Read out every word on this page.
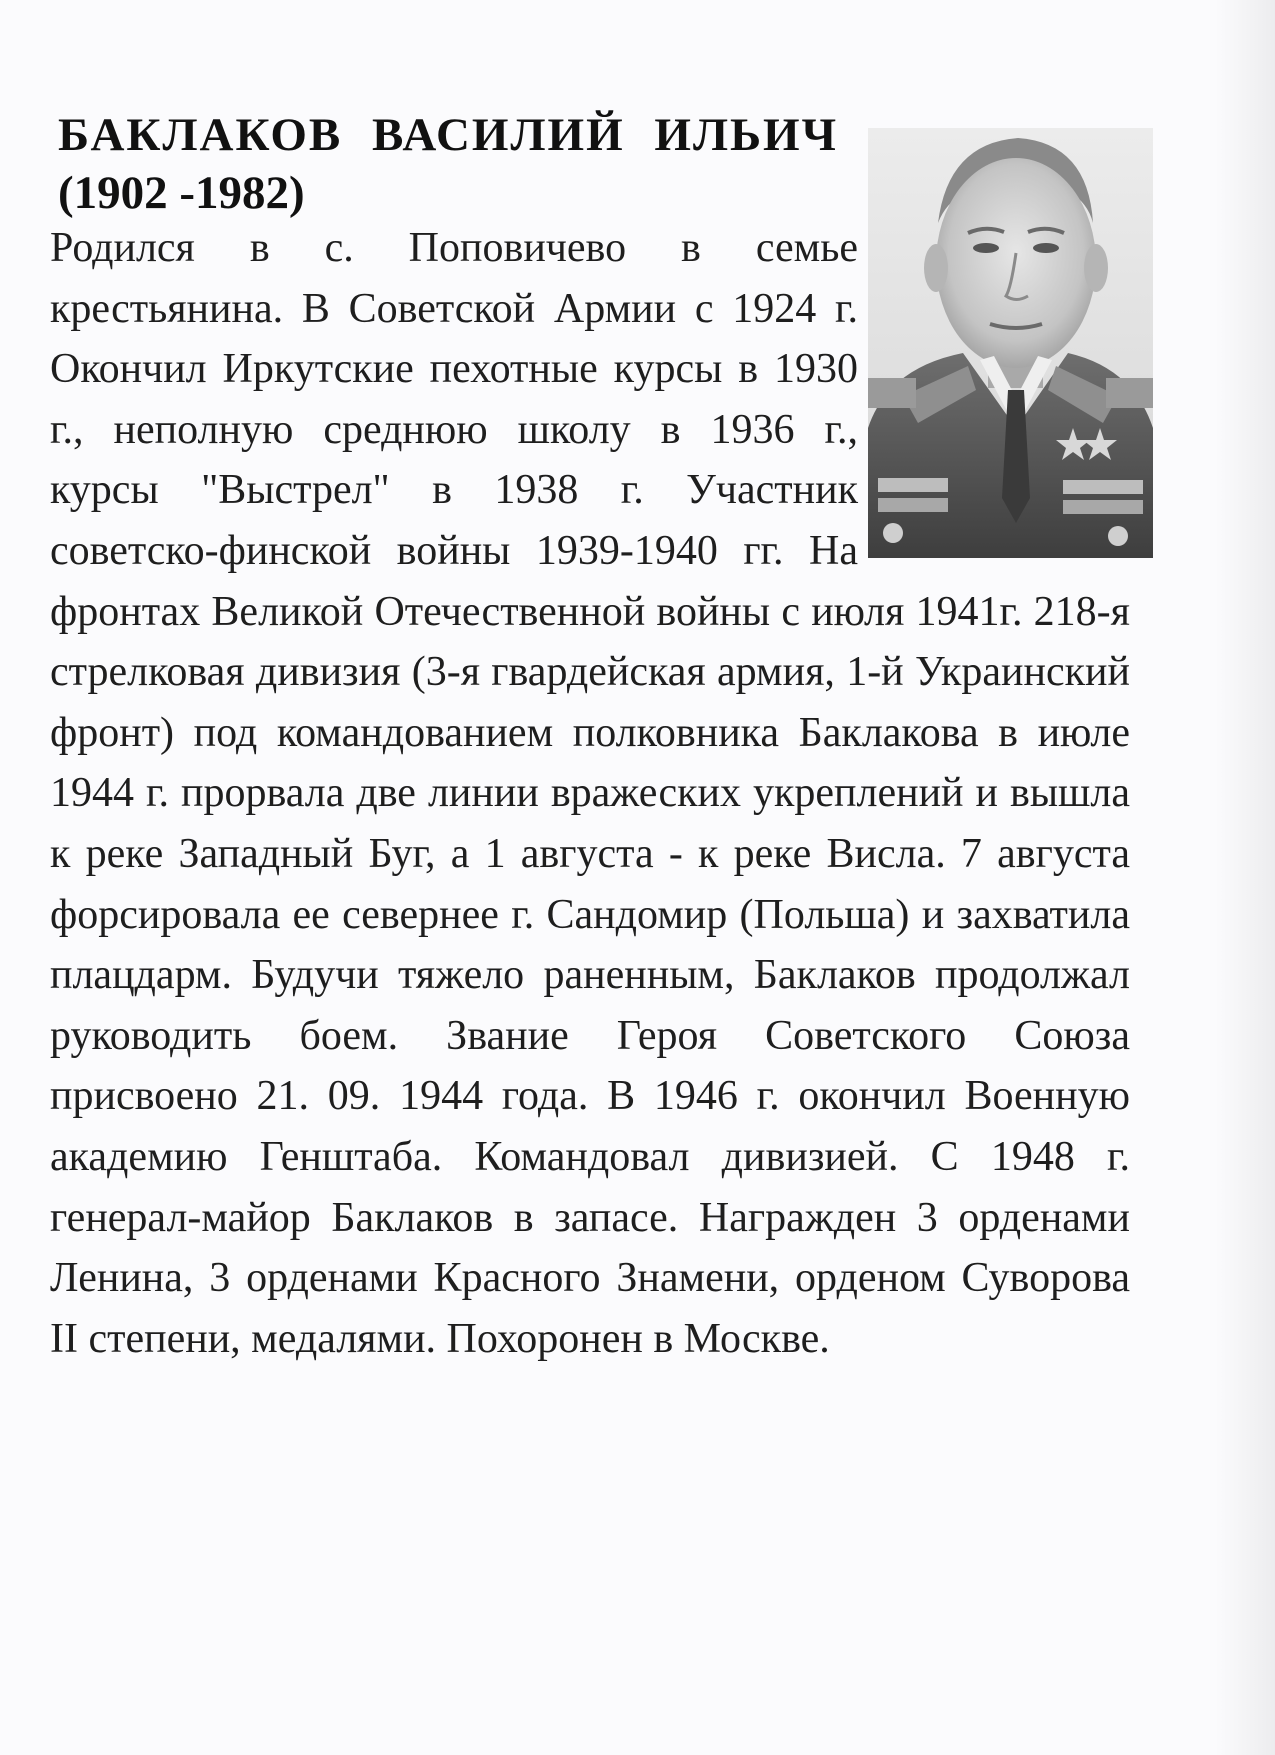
БАКЛАКОВ ВАСИЛИЙ ИЛЬИЧ
(1902 -1982)

Родился в с. Поповичево в семье крестьянина. В Советской Армии с 1924 г. Окончил Иркутские пехотные курсы в 1930 г., неполную среднюю школу в 1936 г., курсы "Выстрел" в 1938 г. Участник советско-финской войны 1939-1940 гг. На фронтах Великой Отечественной войны с июля 1941г. 218-я стрелковая дивизия (3-я гвардейская армия, 1-й Украинский фронт) под командованием полковника Баклакова в июле 1944 г. прорвала две линии вражеских укреплений и вышла к реке Западный Буг, а 1 августа - к реке Висла. 7 августа форсировала ее севернее г. Сандомир (Польша) и захватила плацдарм. Будучи тяжело раненным, Баклаков продолжал руководить боем. Звание Героя Советского Союза присвоено 21. 09. 1944 года. В 1946 г. окончил Военную академию Генштаба. Командовал дивизией. С 1948 г. генерал-майор Баклаков в запасе. Награжден 3 орденами Ленина, 3 орденами Красного Знамени, орденом Суворова II степени, медалями. Похоронен в Москве.
